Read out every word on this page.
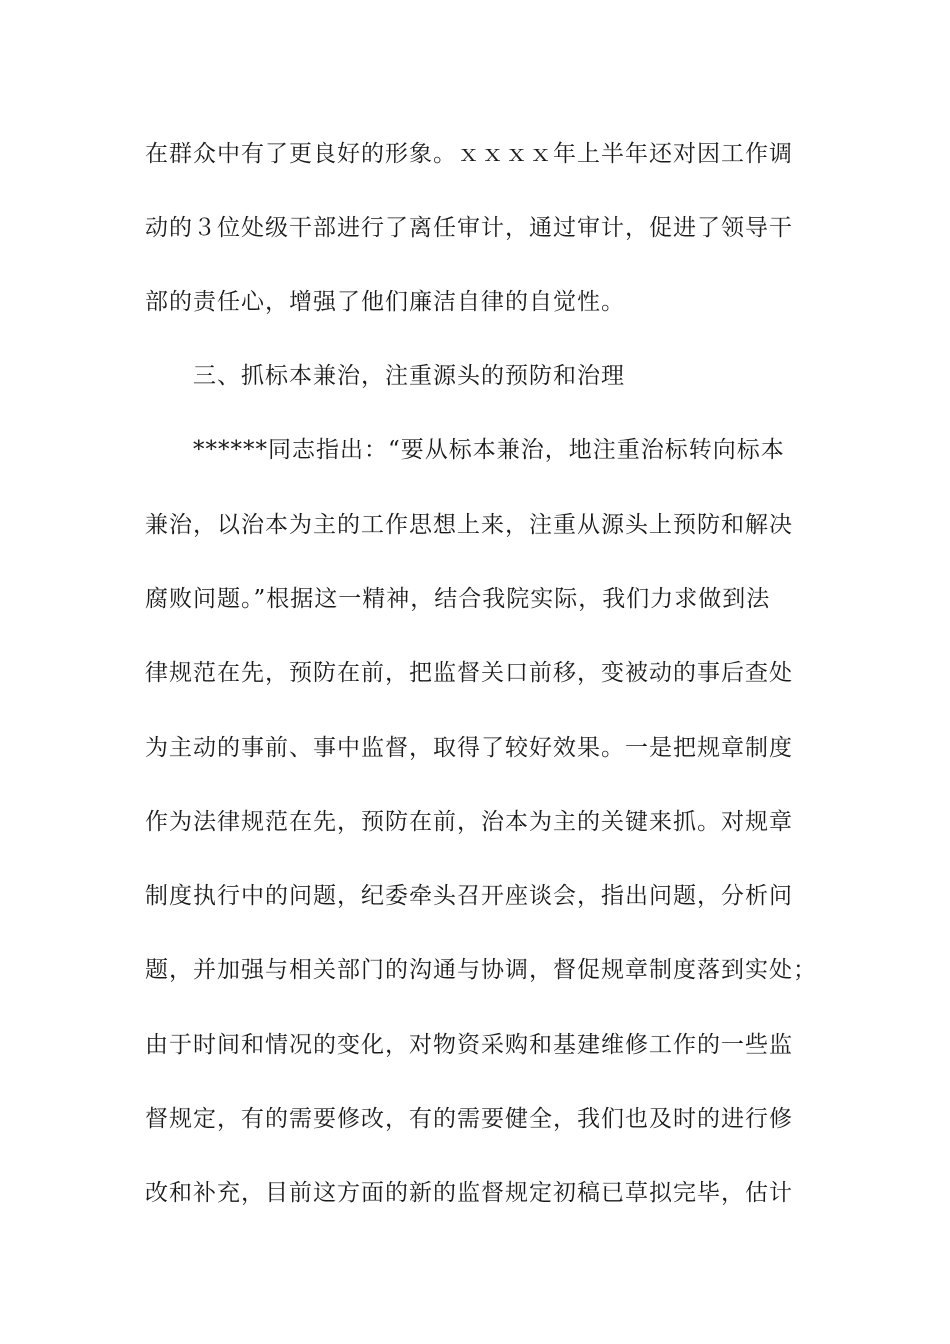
在群众中有了更良好的形象。ｘｘｘｘ年上半年还对因工作调
动的３位处级干部进行了离任审计，通过审计，促进了领导干
部的责任心，增强了他们廉洁自律的自觉性。
三、抓标本兼治，注重源头的预防和治理
******同志指出：“要从标本兼治，地注重治标转向标本
兼治，以治本为主的工作思想上来，注重从源头上预防和解决
腐败问题。”根据这一精神，结合我院实际，我们力求做到法
律规范在先，预防在前，把监督关口前移，变被动的事后查处
为主动的事前、事中监督，取得了较好效果。一是把规章制度
作为法律规范在先，预防在前，治本为主的关键来抓。对规章
制度执行中的问题，纪委牵头召开座谈会，指出问题，分析问
题，并加强与相关部门的沟通与协调，督促规章制度落到实处；
由于时间和情况的变化，对物资采购和基建维修工作的一些监
督规定，有的需要修改，有的需要健全，我们也及时的进行修
改和补充，目前这方面的新的监督规定初稿已草拟完毕，估计
